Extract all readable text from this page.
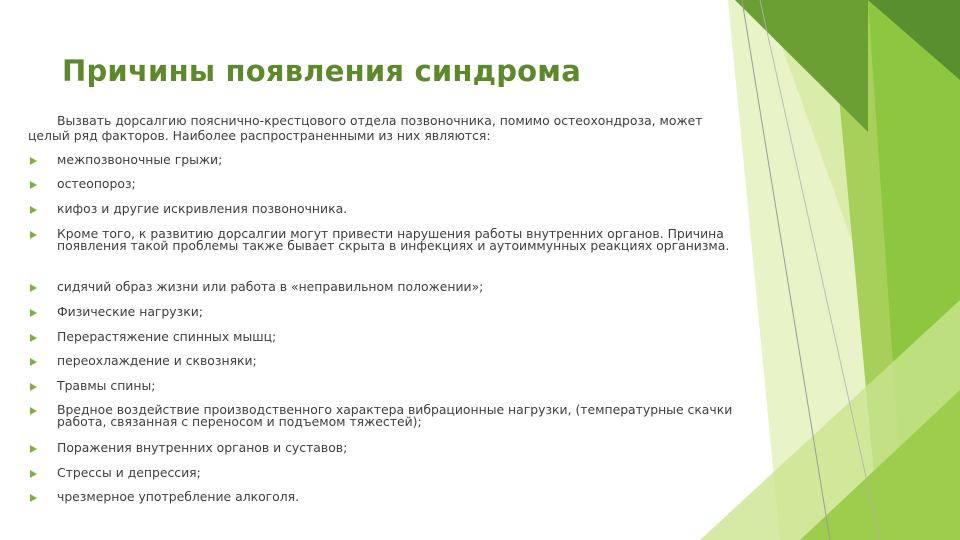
Причины появления синдрома
Вызвать дорсалгию пояснично-крестцового отдела позвоночника, помимо остеохондроза, может целый ряд факторов. Наиболее распространенными из них являются:
межпозвоночные грыжи;
остеопороз;
кифоз и другие искривления позвоночника.
Кроме того, к развитию дорсалгии могут привести нарушения работы внутренних органов. Причина появления такой проблемы также бывает скрыта в инфекциях и аутоиммунных реакциях организма.
сидячий образ жизни или работа в «неправильном положении»;
Физические нагрузки;
Перерастяжение спинных мышц;
переохлаждение и сквозняки;
Травмы спины;
Вредное воздействие производственного характера вибрационные нагрузки, (температурные скачки работа, связанная с переносом и подъемом тяжестей);
Поражения внутренних органов и суставов;
Стрессы и депрессия;
чрезмерное употребление алкоголя.
